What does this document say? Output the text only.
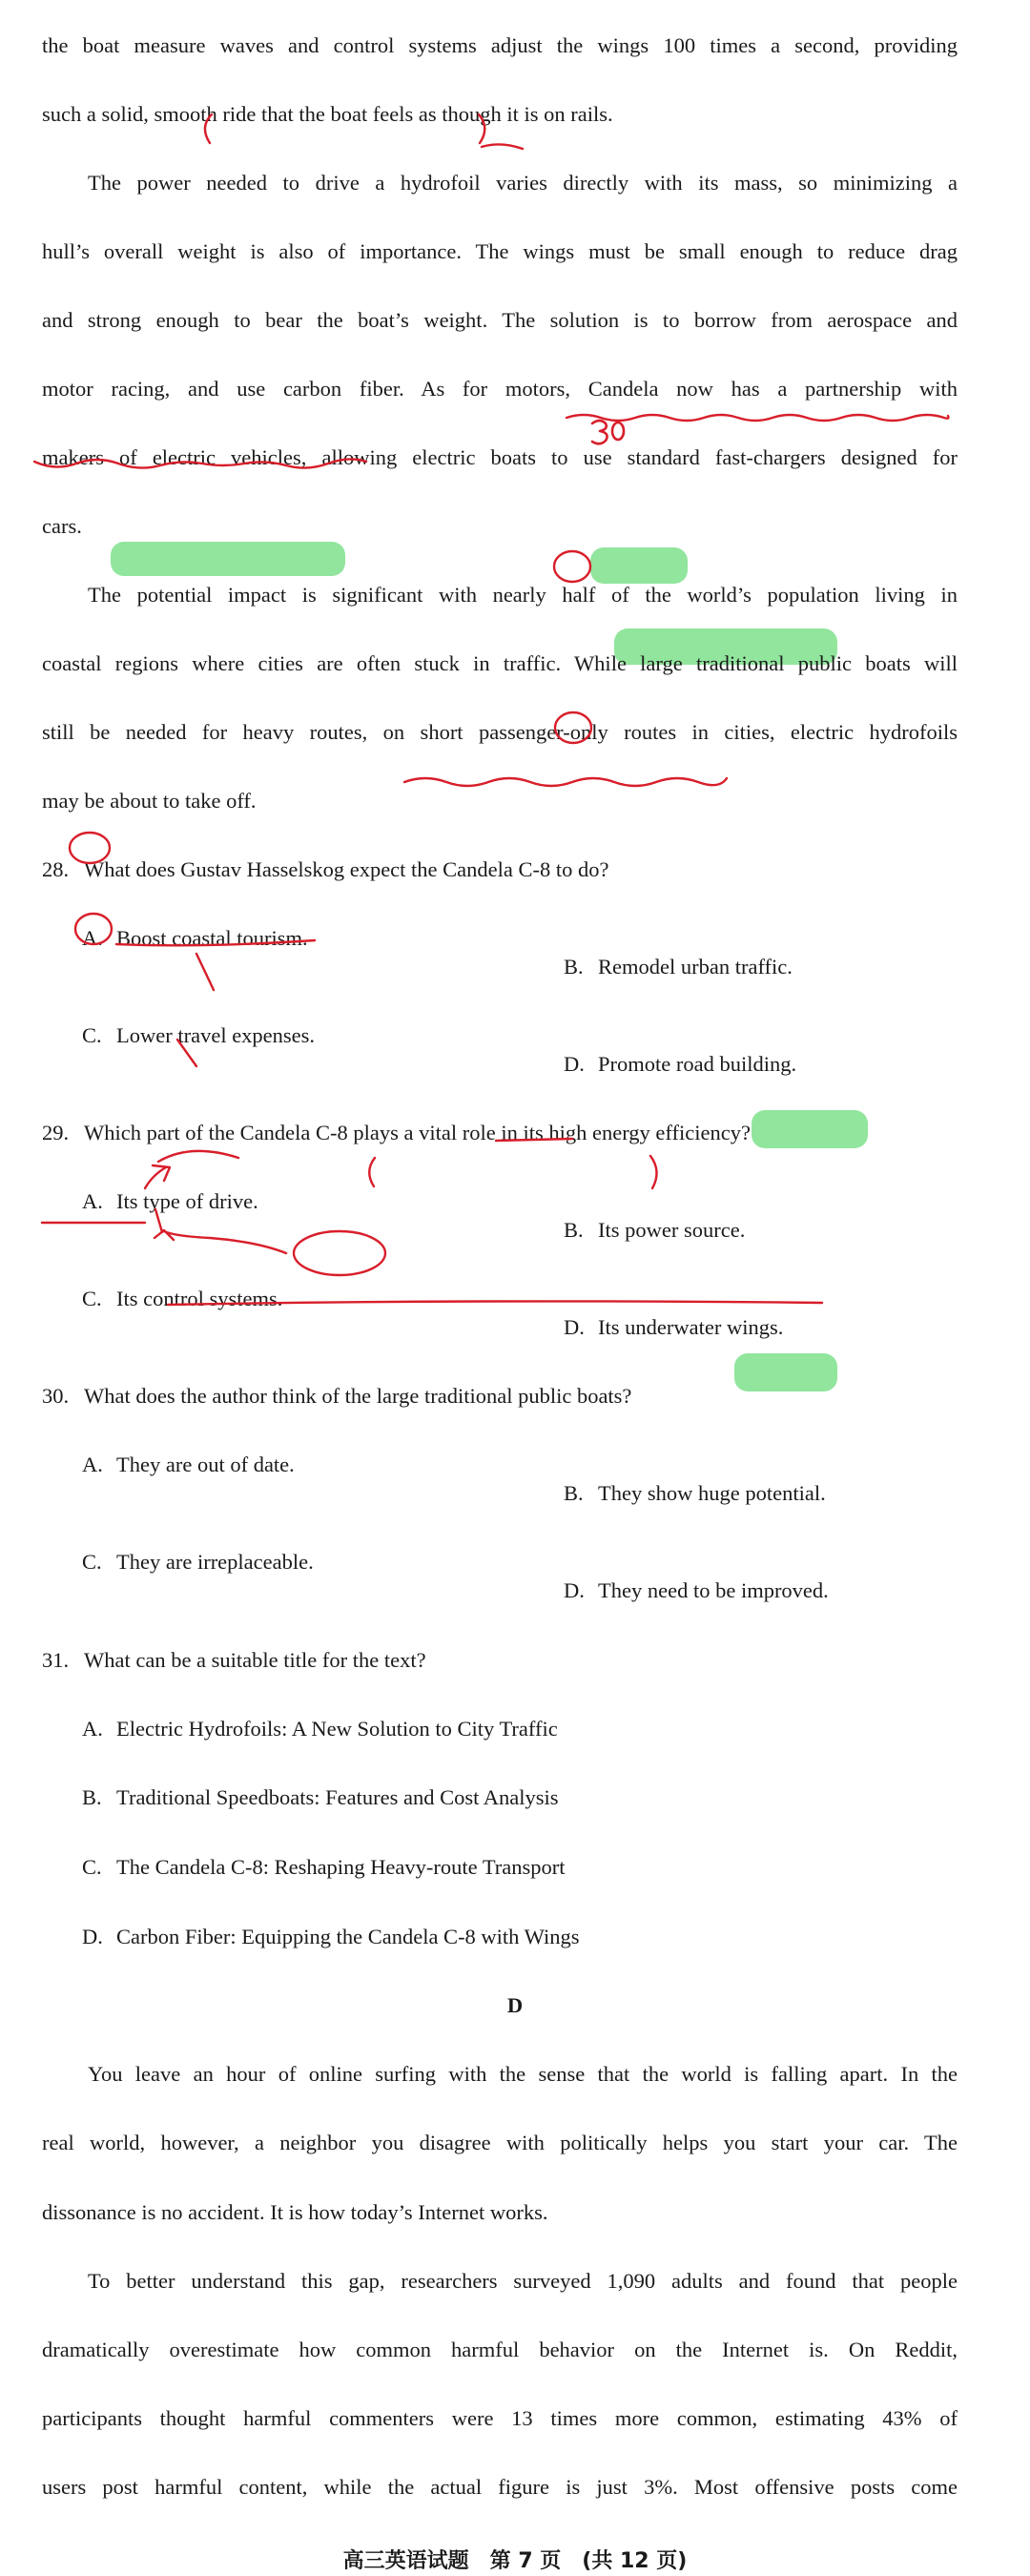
the boat measure waves and control systems adjust the wings 100 times a second, providing
such a solid, smooth ride that the boat feels as though it is on rails.
The power needed to drive a hydrofoil varies directly with its mass, so minimizing a
hull’s overall weight is also of importance. The wings must be small enough to reduce drag
and strong enough to bear the boat’s weight. The solution is to borrow from aerospace and
motor racing, and use carbon fiber. As for motors, Candela now has a partnership with
makers of electric vehicles, allowing electric boats to use standard fast-chargers designed for
cars.
The potential impact is significant with nearly half of the world’s population living in
coastal regions where cities are often stuck in traffic. While large traditional public boats will
still be needed for heavy routes, on short passenger-only routes in cities, electric hydrofoils
may be about to take off.
28. What does Gustav Hasselskog expect the Candela C-8 to do?
A. Boost coastal tourism.
B. Remodel urban traffic.
C. Lower travel expenses.
D. Promote road building.
29. Which part of the Candela C-8 plays a vital role in its high energy efficiency?
A. Its type of drive.
B. Its power source.
C. Its control systems.
D. Its underwater wings.
30. What does the author think of the large traditional public boats?
A. They are out of date.
B. They show huge potential.
C. They are irreplaceable.
D. They need to be improved.
31. What can be a suitable title for the text?
A. Electric Hydrofoils: A New Solution to City Traffic
B. Traditional Speedboats: Features and Cost Analysis
C. The Candela C-8: Reshaping Heavy-route Transport
D. Carbon Fiber: Equipping the Candela C-8 with Wings
D
You leave an hour of online surfing with the sense that the world is falling apart. In the
real world, however, a neighbor you disagree with politically helps you start your car. The
dissonance is no accident. It is how today’s Internet works.
To better understand this gap, researchers surveyed 1,090 adults and found that people
dramatically overestimate how common harmful behavior on the Internet is. On Reddit,
participants thought harmful commenters were 13 times more common, estimating 43% of
users post harmful content, while the actual figure is just 3%. Most offensive posts come
高三英语试题　第 7 页　(共 12 页)
